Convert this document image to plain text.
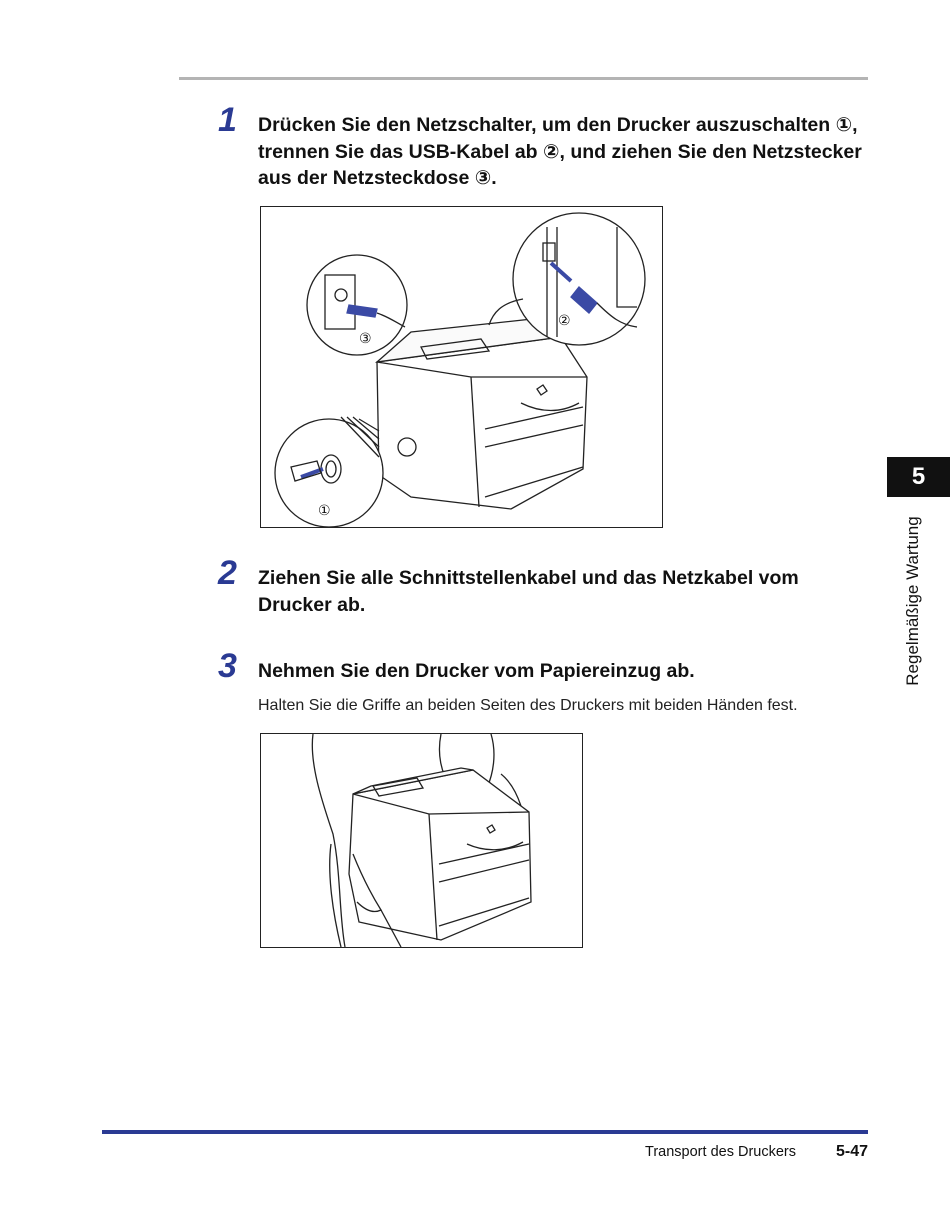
1 Drücken Sie den Netzschalter, um den Drucker auszuschalten ①, trennen Sie das USB-Kabel ab ②, und ziehen Sie den Netzstecker aus der Netzsteckdose ③.
③
②
①
2 Ziehen Sie alle Schnittstellenkabel und das Netzkabel vom Drucker ab.
3 Nehmen Sie den Drucker vom Papiereinzug ab.
Halten Sie die Griffe an beiden Seiten des Druckers mit beiden Händen fest.
5
Regelmäßige Wartung
Transport des Druckers 5-47
